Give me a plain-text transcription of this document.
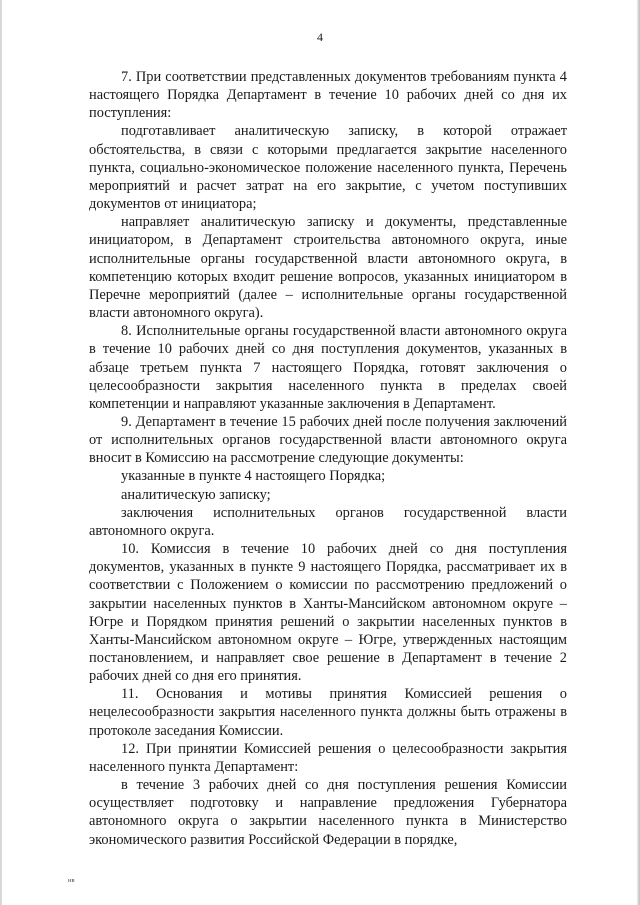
4

7. При соответствии представленных документов требованиям пункта 4 настоящего Порядка Департамент в течение 10 рабочих дней со дня их поступления:

подготавливает аналитическую записку, в которой отражает обстоятельства, в связи с которыми предлагается закрытие населенного пункта, социально-экономическое положение населенного пункта, Перечень мероприятий и расчет затрат на его закрытие, с учетом поступивших документов от инициатора;

направляет аналитическую записку и документы, представленные инициатором, в Департамент строительства автономного округа, иные исполнительные органы государственной власти автономного округа, в компетенцию которых входит решение вопросов, указанных инициатором в Перечне мероприятий (далее – исполнительные органы государственной власти автономного округа).

8. Исполнительные органы государственной власти автономного округа в течение 10 рабочих дней со дня поступления документов, указанных в абзаце третьем пункта 7 настоящего Порядка, готовят заключения о целесообразности закрытия населенного пункта в пределах своей компетенции и направляют указанные заключения в Департамент.

9. Департамент в течение 15 рабочих дней после получения заключений от исполнительных органов государственной власти автономного округа вносит в Комиссию на рассмотрение следующие документы:

указанные в пункте 4 настоящего Порядка;

аналитическую записку;

заключения исполнительных органов государственной власти автономного округа.

10. Комиссия в течение 10 рабочих дней со дня поступления документов, указанных в пункте 9 настоящего Порядка, рассматривает их в соответствии с Положением о комиссии по рассмотрению предложений о закрытии населенных пунктов в Ханты-Мансийском автономном округе – Югре и Порядком принятия решений о закрытии населенных пунктов в Ханты-Мансийском автономном округе – Югре, утвержденных настоящим постановлением, и направляет свое решение в Департамент в течение 2 рабочих дней со дня его принятия.

11. Основания и мотивы принятия Комиссией решения о нецелесообразности закрытия населенного пункта должны быть отражены в протоколе заседания Комиссии.

12. При принятии Комиссией решения о целесообразности закрытия населенного пункта Департамент:

в течение 3 рабочих дней со дня поступления решения Комиссии осуществляет подготовку и направление предложения Губернатора автономного округа о закрытии населенного пункта в Министерство экономического развития Российской Федерации в порядке,

нв
